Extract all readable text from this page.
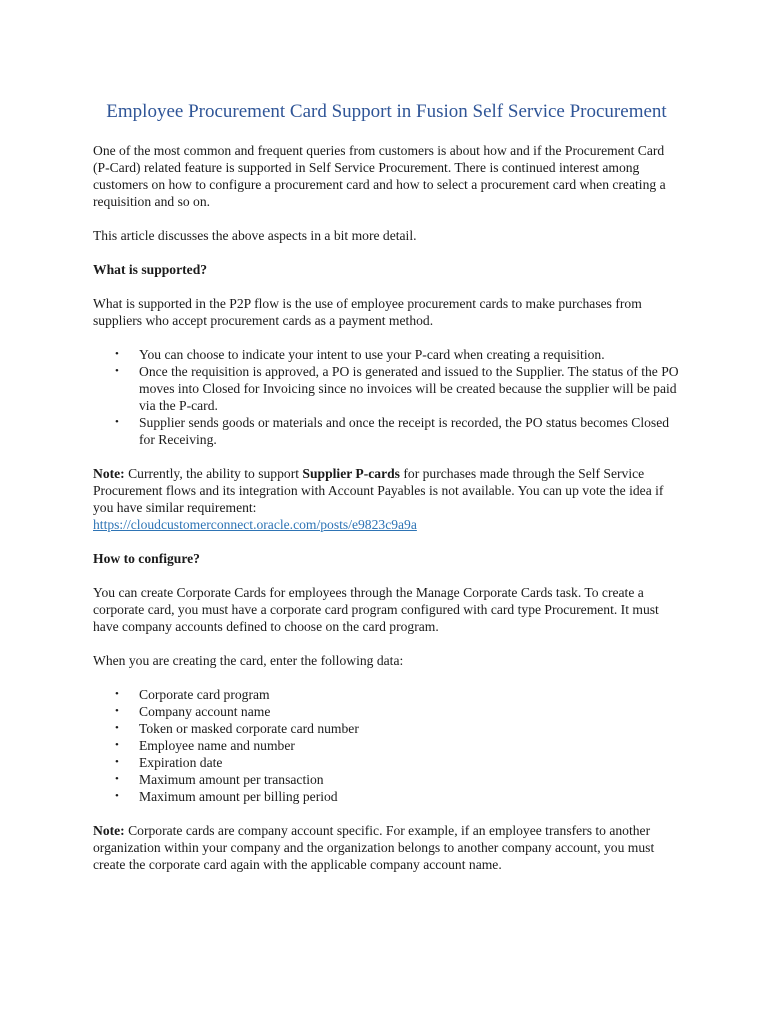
Employee Procurement Card Support in Fusion Self Service Procurement

One of the most common and frequent queries from customers is about how and if the Procurement Card (P-Card) related feature is supported in Self Service Procurement. There is continued interest among customers on how to configure a procurement card and how to select a procurement card when creating a requisition and so on.

This article discusses the above aspects in a bit more detail.

What is supported?

What is supported in the P2P flow is the use of employee procurement cards to make purchases from suppliers who accept procurement cards as a payment method.

• You can choose to indicate your intent to use your P-card when creating a requisition.
• Once the requisition is approved, a PO is generated and issued to the Supplier. The status of the PO moves into Closed for Invoicing since no invoices will be created because the supplier will be paid via the P-card.
• Supplier sends goods or materials and once the receipt is recorded, the PO status becomes Closed for Receiving.

Note: Currently, the ability to support Supplier P-cards for purchases made through the Self Service Procurement flows and its integration with Account Payables is not available. You can up vote the idea if you have similar requirement:
https://cloudcustomerconnect.oracle.com/posts/e9823c9a9a

How to configure?

You can create Corporate Cards for employees through the Manage Corporate Cards task. To create a corporate card, you must have a corporate card program configured with card type Procurement. It must have company accounts defined to choose on the card program.

When you are creating the card, enter the following data:

• Corporate card program
• Company account name
• Token or masked corporate card number
• Employee name and number
• Expiration date
• Maximum amount per transaction
• Maximum amount per billing period

Note: Corporate cards are company account specific. For example, if an employee transfers to another organization within your company and the organization belongs to another company account, you must create the corporate card again with the applicable company account name.
